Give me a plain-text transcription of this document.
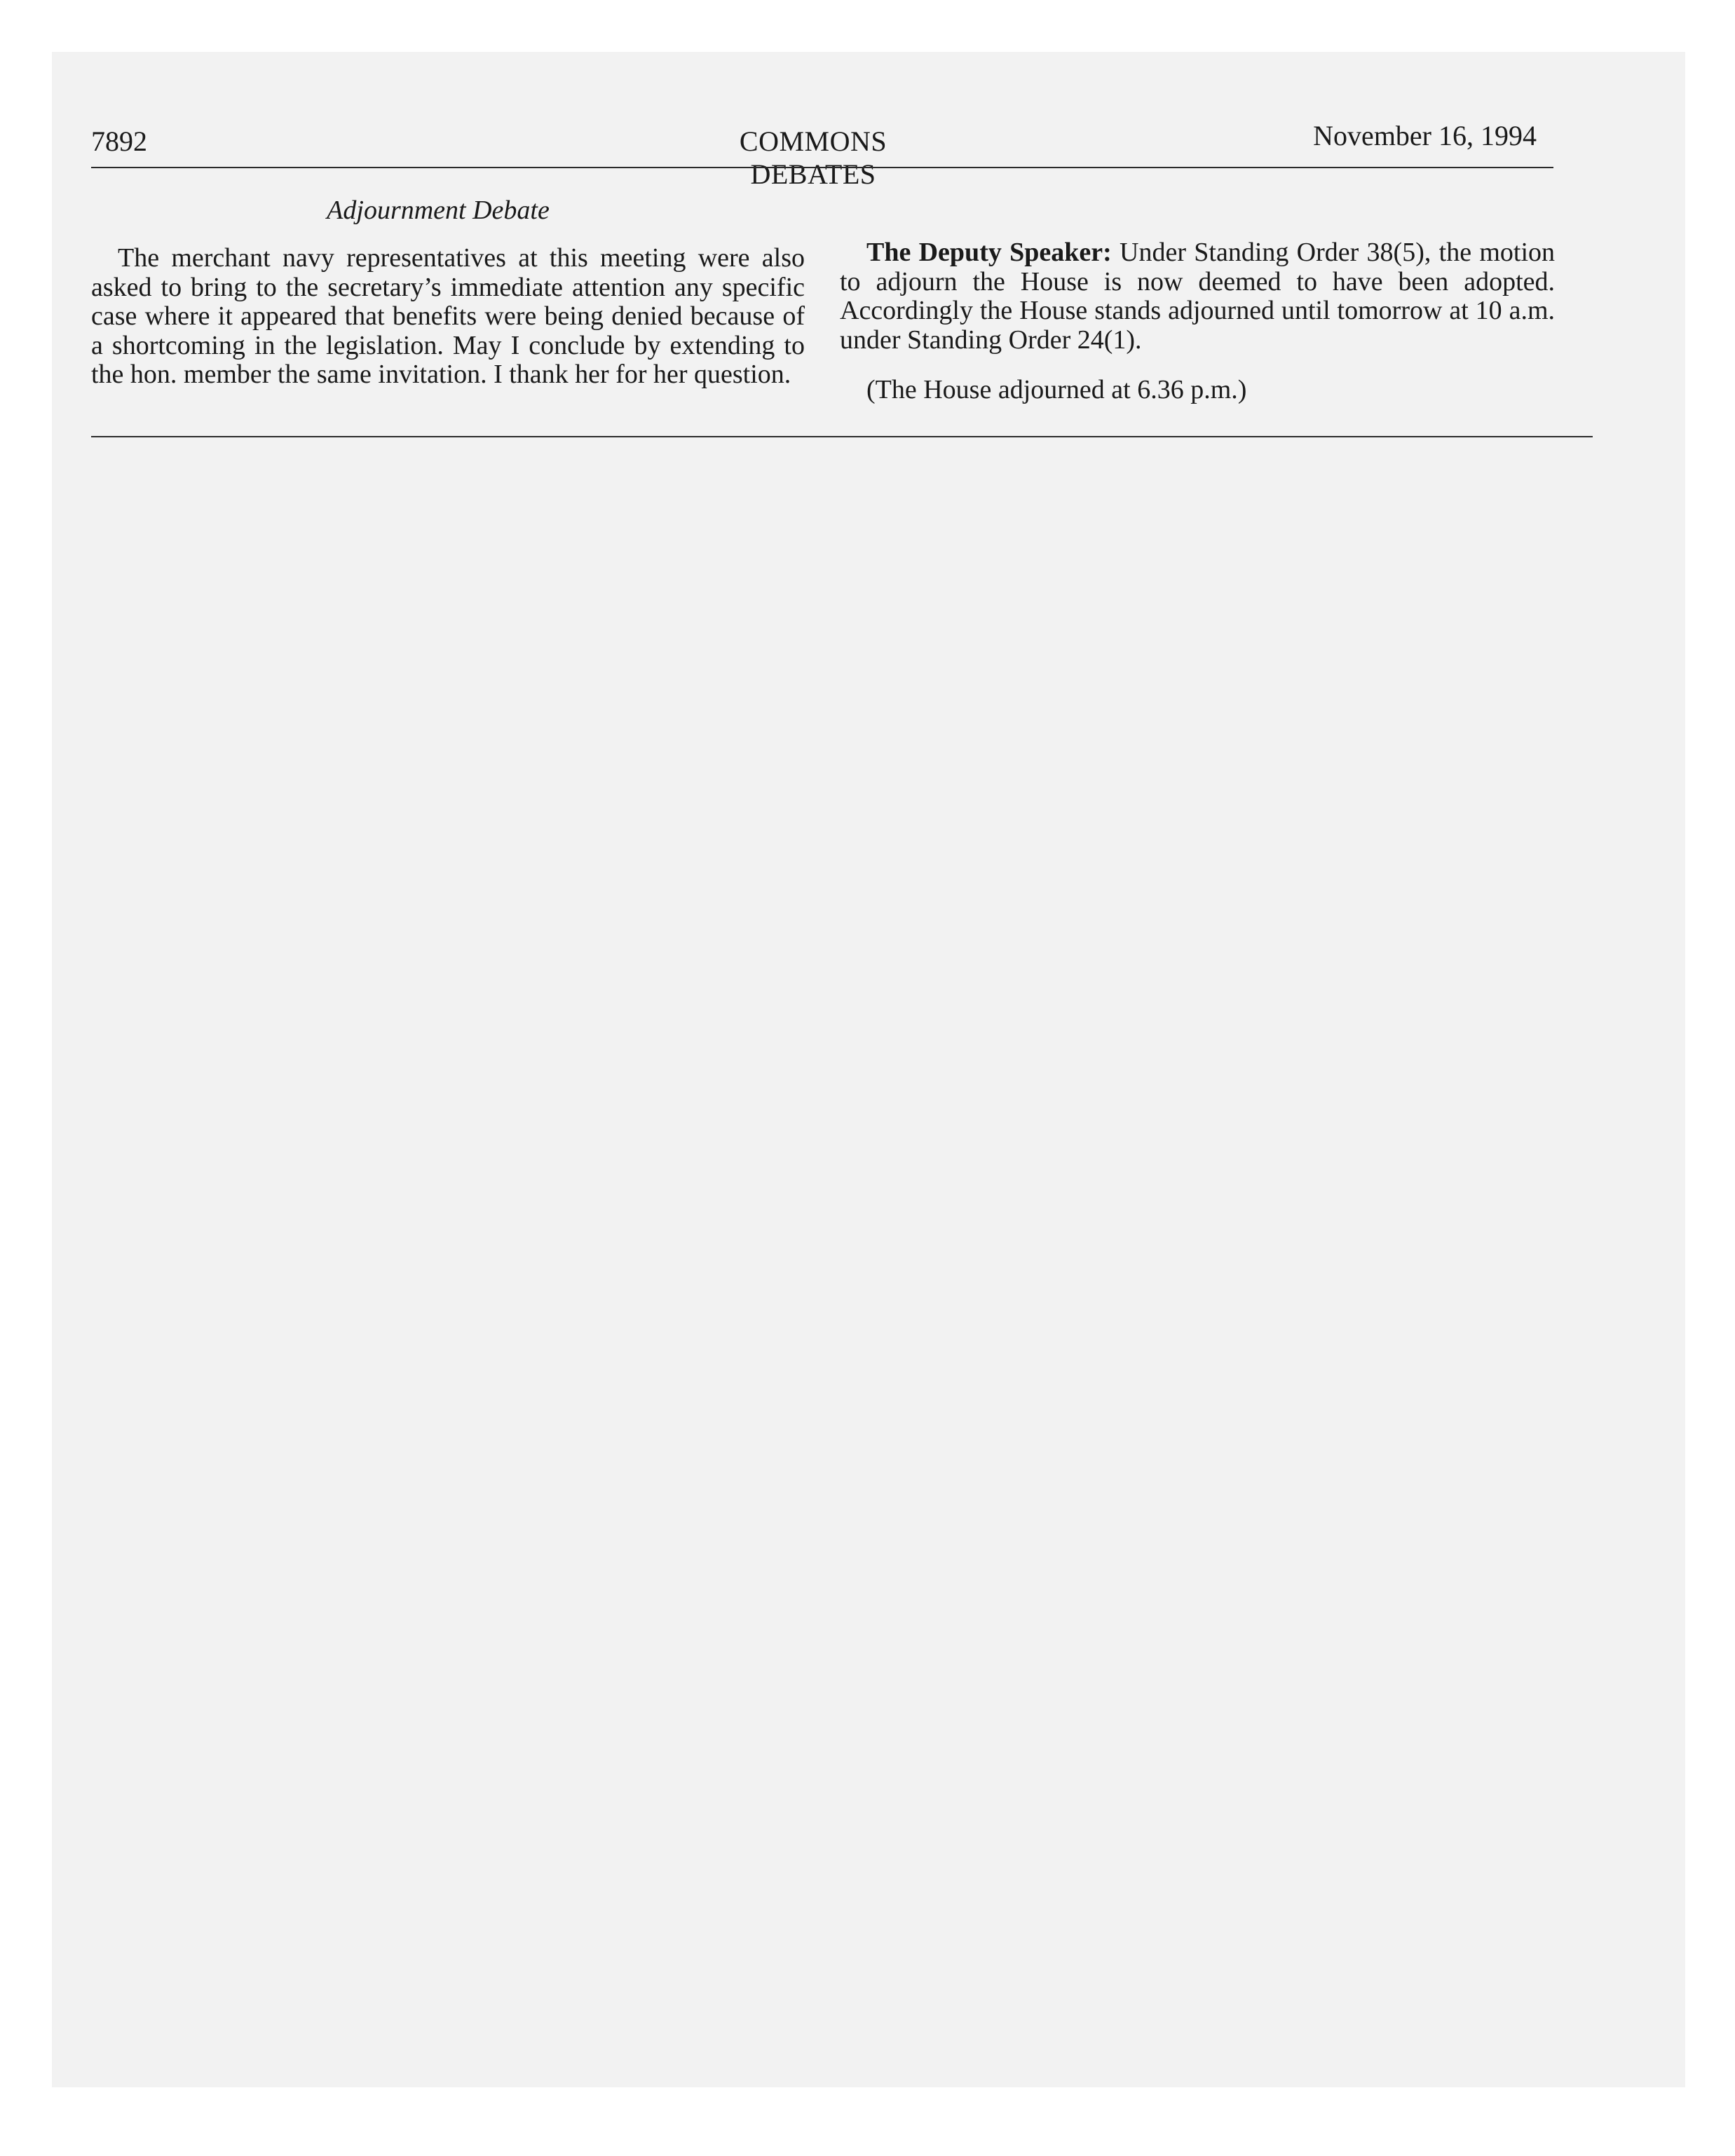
7892	COMMONS DEBATES
November 16, 1994
Adjournment Debate

The merchant navy representatives at this meeting were also asked to bring to the secretary’s immediate attention any specific case where it appeared that benefits were being denied because of a shortcoming in the legislation. May I conclude by extending to the hon. member the same invitation. I thank her for her question.

The Deputy Speaker: Under Standing Order 38(5), the motion to adjourn the House is now deemed to have been adopted. Accordingly the House stands adjourned until tomorrow at 10 a.m. under Standing Order 24(1).

(The House adjourned at 6.36 p.m.)
